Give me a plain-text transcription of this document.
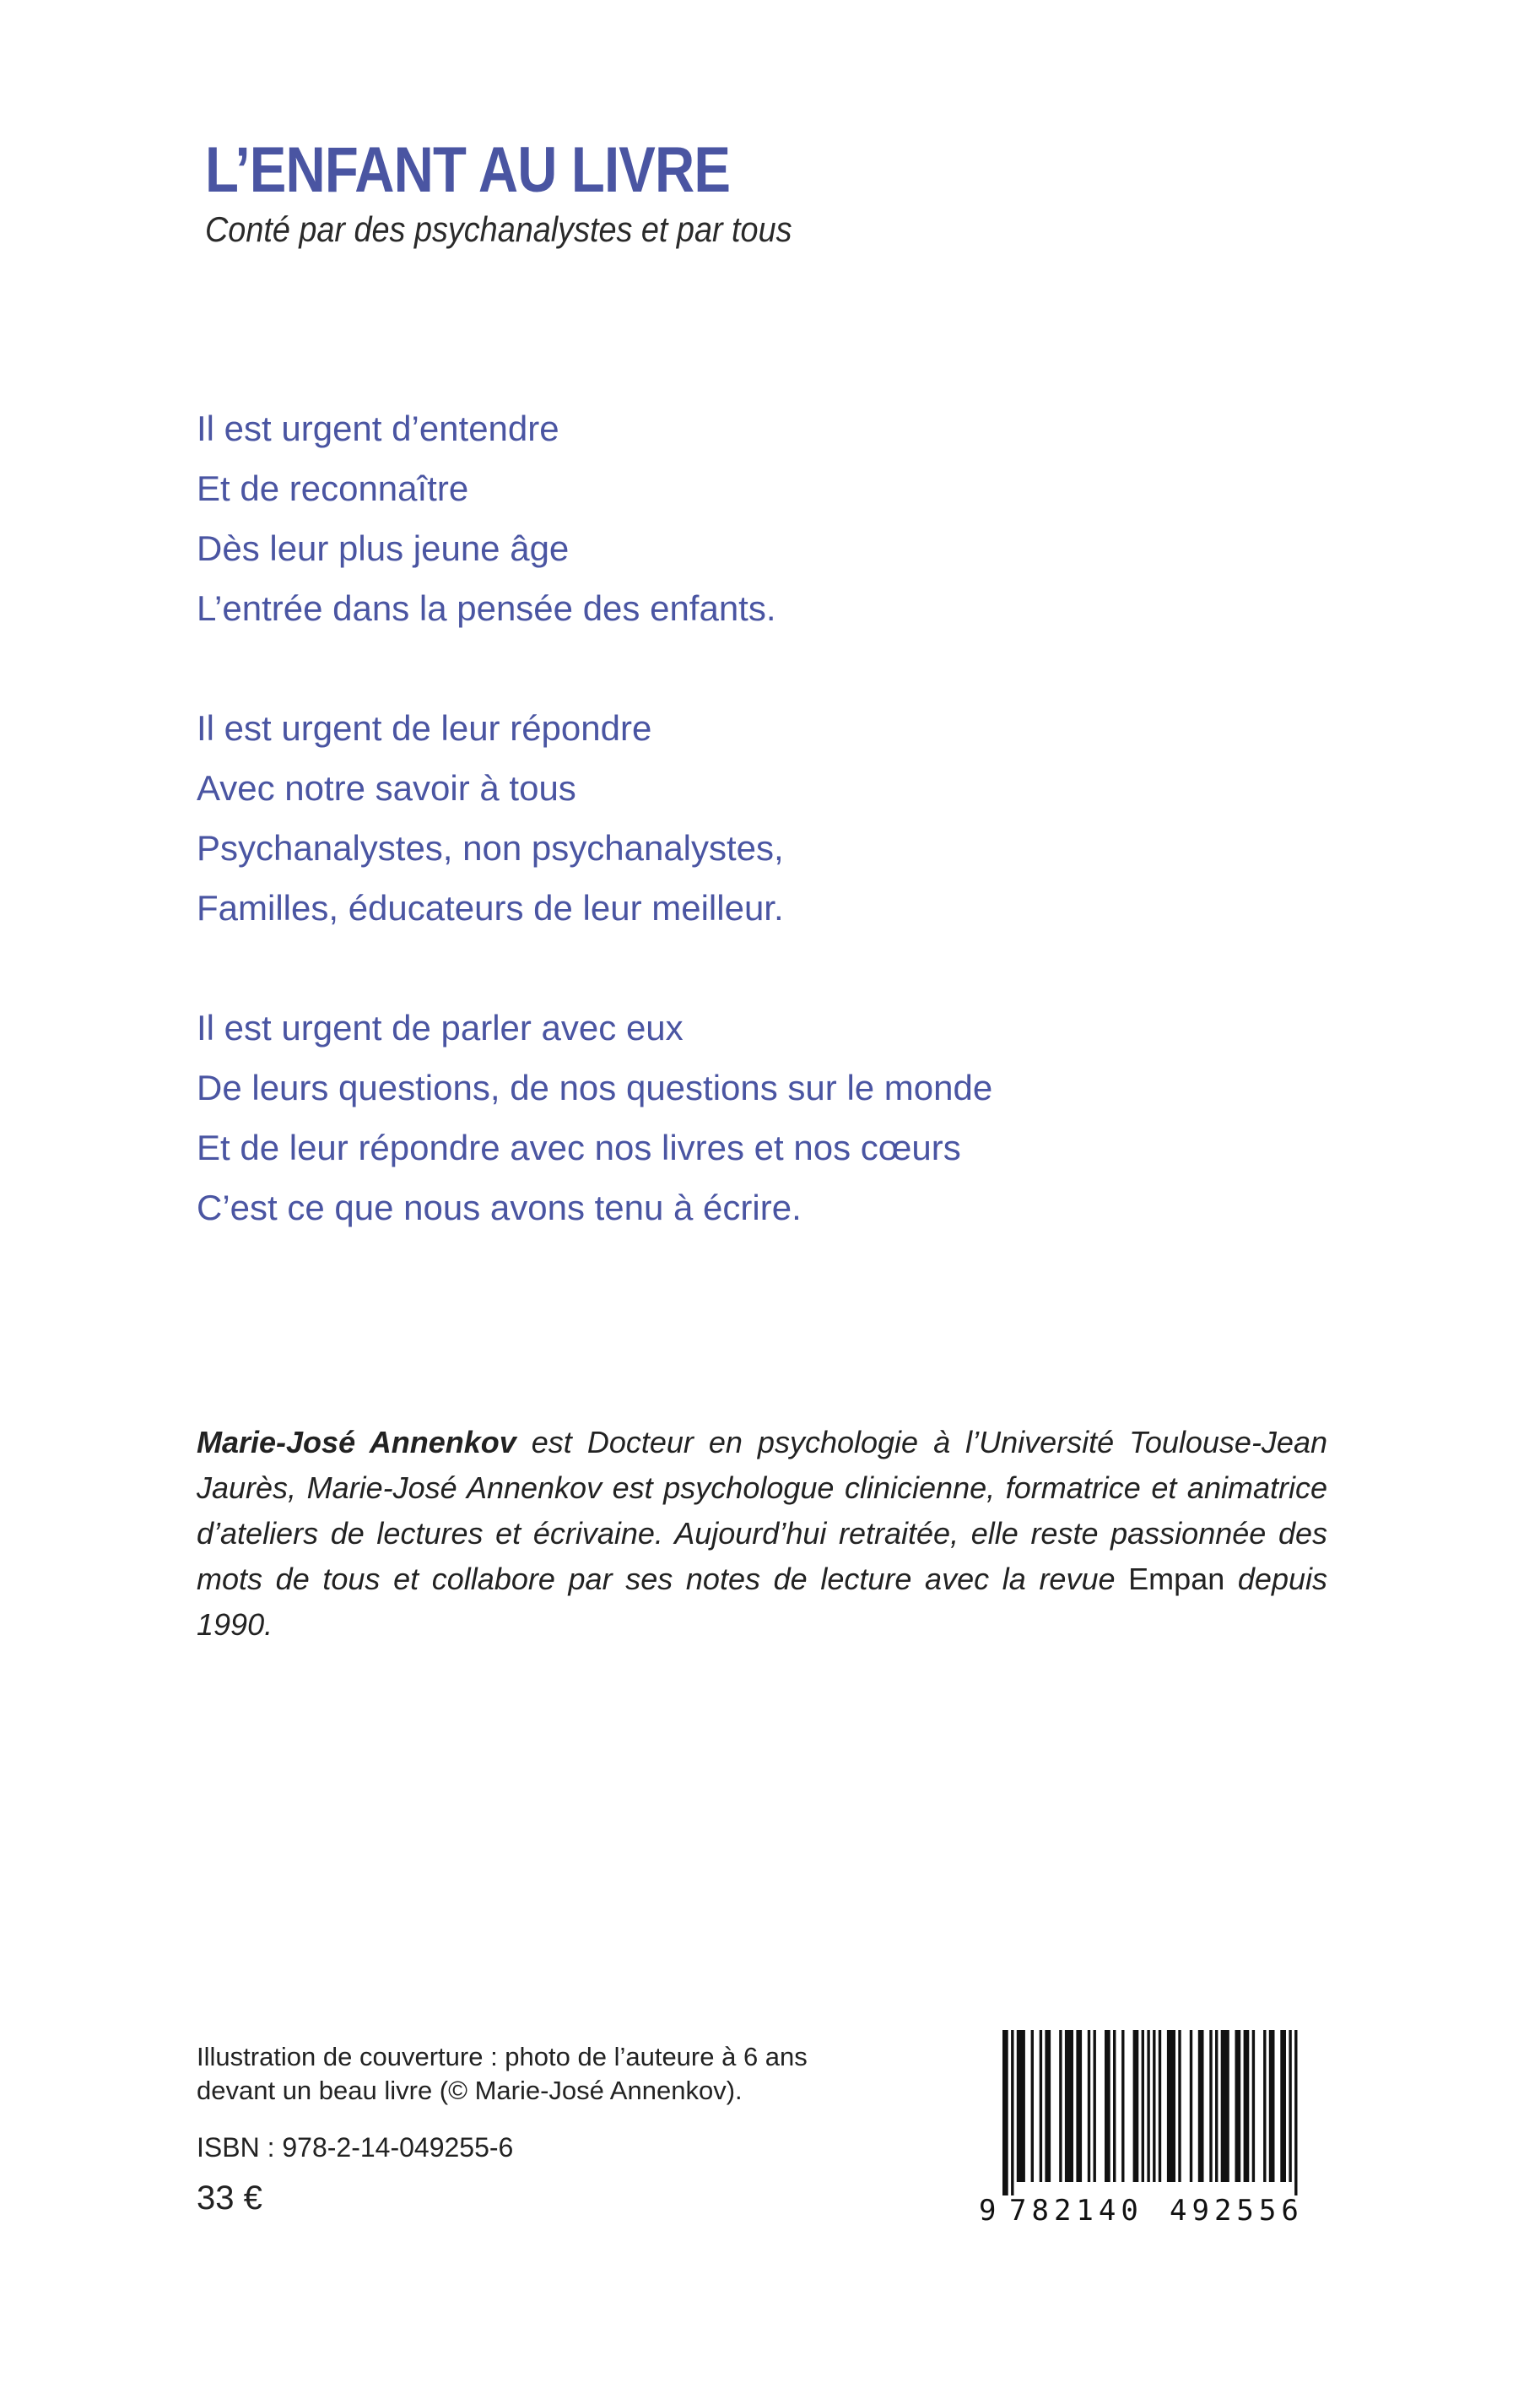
L’ENFANT AU LIVRE
Conté par des psychanalystes et par tous
Il est urgent d’entendre
Et de reconnaître
Dès leur plus jeune âge
L’entrée dans la pensée des enfants.
Il est urgent de leur répondre
Avec notre savoir à tous
Psychanalystes, non psychanalystes,
Familles, éducateurs de leur meilleur.
Il est urgent de parler avec eux
De leurs questions, de nos questions sur le monde
Et de leur répondre avec nos livres et nos cœurs
C’est ce que nous avons tenu à écrire.
Marie-José Annenkov est Docteur en psychologie à l’Université Toulouse-Jean Jaurès, Marie-José Annenkov est psychologue clinicienne, formatrice et animatrice d’ateliers de lectures et écrivaine. Aujourd’hui retraitée, elle reste passionnée des mots de tous et collabore par ses notes de lecture avec la revue Empan depuis 1990.
Illustration de couverture : photo de l’auteure à 6 ans
devant un beau livre (© Marie-José Annenkov).
ISBN : 978-2-14-049255-6
33 €	9 782140 492556
